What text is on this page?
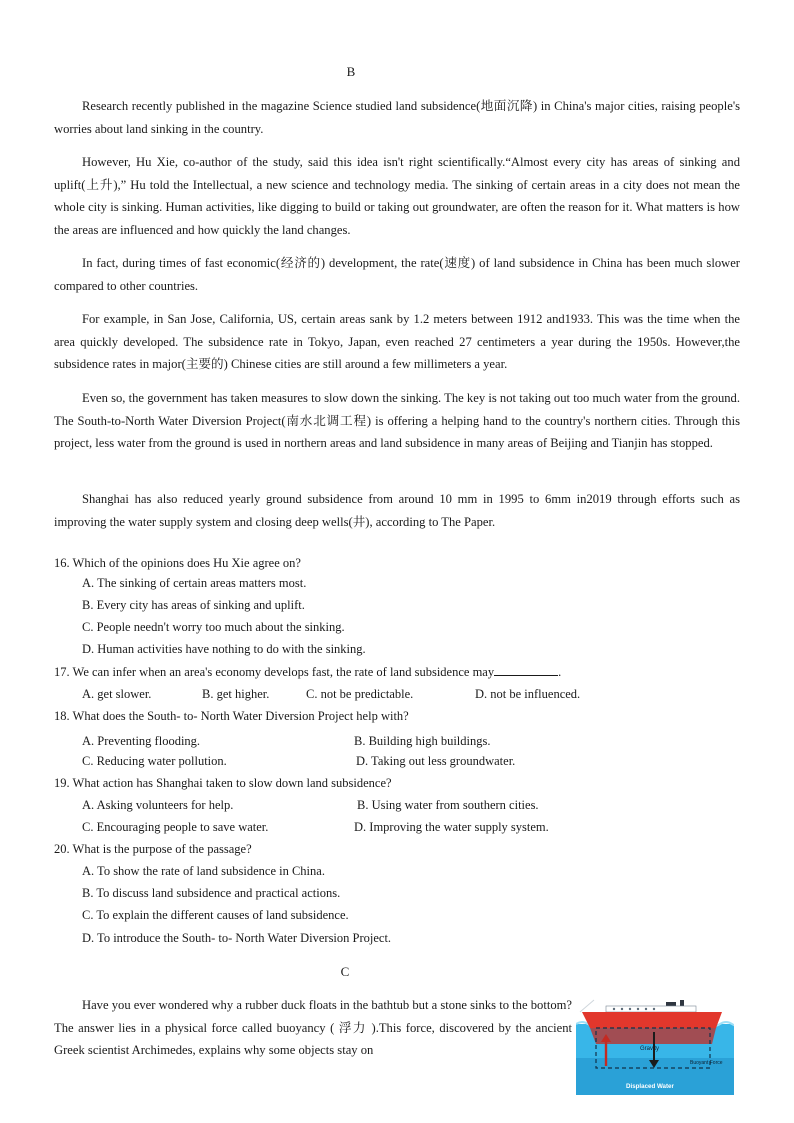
B

Research recently published in the magazine Science studied land subsidence(地面沉降) in China's major cities, raising people's worries about land sinking in the country.

However, Hu Xie, co-author of the study, said this idea isn't right scientifically.“Almost every city has areas of sinking and uplift(上升),” Hu told the Intellectual, a new science and technology media. The sinking of certain areas in a city does not mean the whole city is sinking. Human activities, like digging to build or taking out groundwater, are often the reason for it. What matters is how the areas are influenced and how quickly the land changes.

In fact, during times of fast economic(经济的) development, the rate(速度) of land subsidence in China has been much slower compared to other countries.

For example, in San Jose, California, US, certain areas sank by 1.2 meters between 1912 and1933. This was the time when the area quickly developed. The subsidence rate in Tokyo, Japan, even reached 27 centimeters a year during the 1950s. However,the subsidence rates in major(主要的) Chinese cities are still around a few millimeters a year.

Even so, the government has taken measures to slow down the sinking. The key is not taking out too much water from the ground. The South-to-North Water Diversion Project(南水北调工程) is offering a helping hand to the country's northern cities. Through this project, less water from the ground is used in northern areas and land subsidence in many areas of Beijing and Tianjin has stopped.

Shanghai has also reduced yearly ground subsidence from around 10 mm in 1995 to 6mm in2019 through efforts such as improving the water supply system and closing deep wells(井), according to The Paper.

16. Which of the opinions does Hu Xie agree on?

A. The sinking of certain areas matters most.

B. Every city has areas of sinking and uplift.

C. People needn't worry too much about the sinking.

D. Human activities have nothing to do with the sinking.

17. We can infer when an area's economy develops fast, the rate of land subsidence may	.

A. get slower.	B. get higher.	C. not be predictable.	D. not be influenced.

18. What does the South- to- North Water Diversion Project help with?

A. Preventing flooding.	B. Building high buildings.

C. Reducing water pollution.	D. Taking out less groundwater.

19. What action has Shanghai taken to slow down land subsidence?

A. Asking volunteers for help.	B. Using water from southern cities.

C. Encouraging people to save water.	D. Improving the water supply system.

20. What is the purpose of the passage?

A. To show the rate of land subsidence in China.

B. To discuss land subsidence and practical actions.

C. To explain the different causes of land subsidence.

D. To introduce the South- to- North Water Diversion Project.

C

Have you ever wondered why a rubber duck floats in the bathtub but a stone sinks to the bottom? The answer lies in a physical force called buoyancy ( 浮力 ).This force, discovered by the ancient Greek scientist Archimedes, explains why some objects stay on	Gravity
Buoyant Force
Displaced Water
